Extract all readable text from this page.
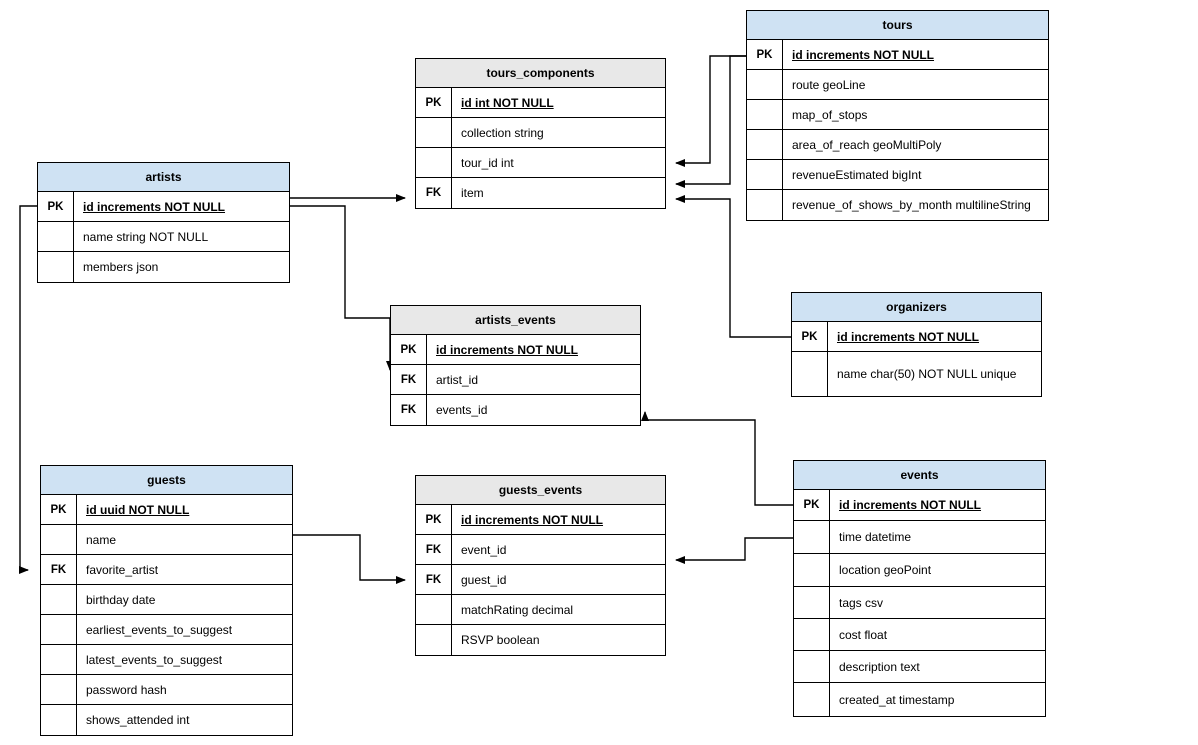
tours
PK	id increments NOT NULL
route geoLine
map_of_stops
area_of_reach geoMultiPoly
revenueEstimated bigInt
revenue_of_shows_by_month multilineString
tours_components
PK	id int NOT NULL
collection string
tour_id int
FK	item
artists
PK	id increments NOT NULL
name string NOT NULL
members json
organizers
PK	id increments NOT NULL
name char(50) NOT NULL unique
artists_events
PK	id increments NOT NULL
FK	artist_id
FK	events_id
guests
PK	id uuid NOT NULL
name
FK	favorite_artist
birthday date
earliest_events_to_suggest
latest_events_to_suggest
password hash
shows_attended int
guests_events
PK	id increments NOT NULL
FK	event_id
FK	guest_id
matchRating decimal
RSVP boolean
events
PK	id increments NOT NULL
time datetime
location geoPoint
tags csv
cost float
description text
created_at timestamp
